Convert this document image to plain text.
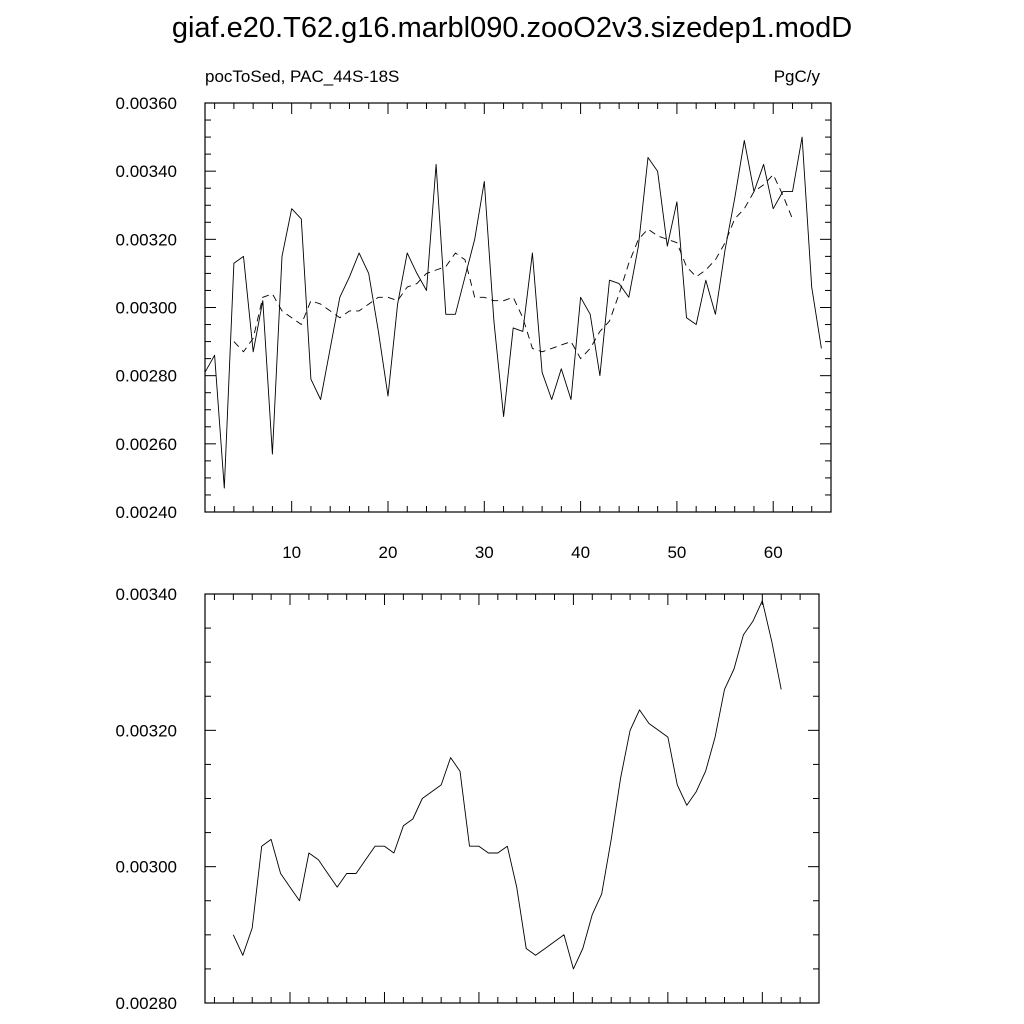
giaf.e20.T62.g16.marbl090.zooO2v3.sizedep1.modD
10	20	30	40	50	60
0.00240
0.00260
0.00280
0.00300
0.00320
0.00340
0.00360
pocToSed, PAC_44S-18S	PgC/y
0.00280
0.00300
0.00320
0.00340
